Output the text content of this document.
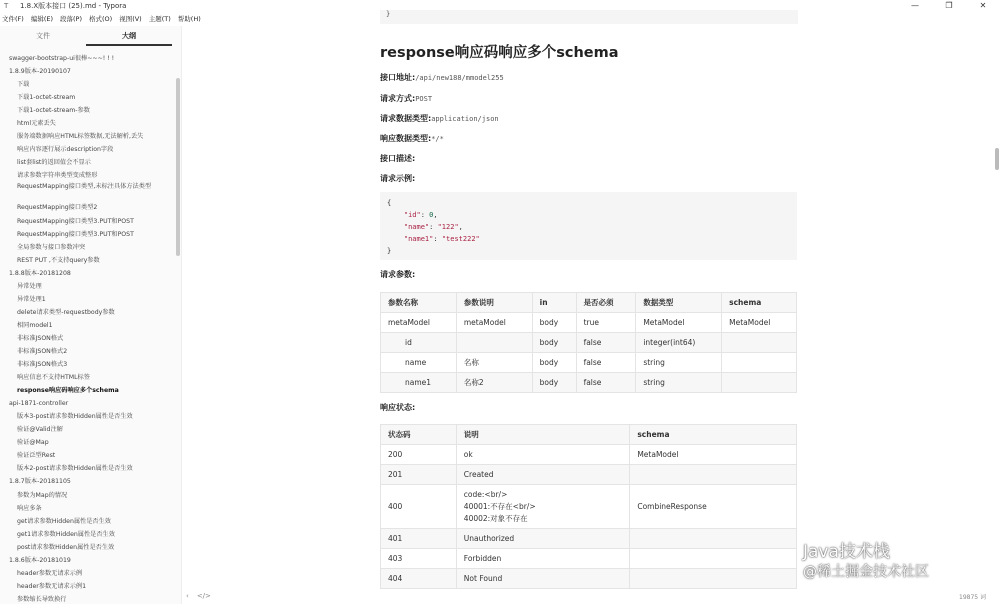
T	1.8.X版本接口 (25).md - Typora	—	❐	✕
文件(F) 编辑(E) 段落(P) 格式(O) 视图(V) 主题(T) 帮助(H)
文件	大纲
swagger-bootstrap-ui很棒~~~! ! !
1.8.9版本-20190107
下载
下载1-octet-stream
下载1-octet-stream-参数
html元素丢失
服务端数据响应HTML标签数据,无法解析,丢失
响应内容逐行展示description字段
list套list的返回值会不显示
请求参数字符串类型变成整形
RequestMapping接口类型,未标注具体方法类型
RequestMapping接口类型2
RequestMapping接口类型3.PUT和POST
RequestMapping接口类型3.PUT和POST
全局参数与接口参数冲突
REST PUT ,不支持query参数
1.8.8版本-20181208
异常处理
异常处理1
delete请求类型-requestbody参数
相同model1
非标准JSON格式
非标准JSON格式2
非标准JSON格式3
响应信息不支持HTML标签
response响应码响应多个schema
api-1871-controller
版本3-post请求参数Hidden属性是否生效
验证@Valid注解
验证@Map
验证泛型Rest
版本2-post请求参数Hidden属性是否生效
1.8.7版本-20181105
参数为Map的情况
响应多条
get请求参数Hidden属性是否生效
get1请求参数Hidden属性是否生效
post请求参数Hidden属性是否生效
1.8.6版本-20181019
header参数无请求示例
header参数无请求示例1
参数缩长导致换行	‹ </>
}
response响应码响应多个schema
接口地址:/api/new188/mmodel255
请求方式:POST
请求数据类型:application/json
响应数据类型:*/*
接口描述:
请求示例:
{
"id": 0,
"name": "122",
"name1": "test222"
}
请求参数:
参数名称	参数说明	in	是否必须	数据类型	schema
metaModel	metaModel	body	true	MetaModel	MetaModel
id		body	false	integer(int64)	
name	名称	body	false	string	
name1	名称2	body	false	string	
响应状态:
状态码	说明	schema
200	ok	MetaModel
201	Created	
400	code:<br/>
40001:不存在<br/>
40002:对象不存在	CombineResponse
401	Unauthorized	
403	Forbidden	
404	Not Found	
19875 词
Java技术栈
@稀土掘金技术社区
